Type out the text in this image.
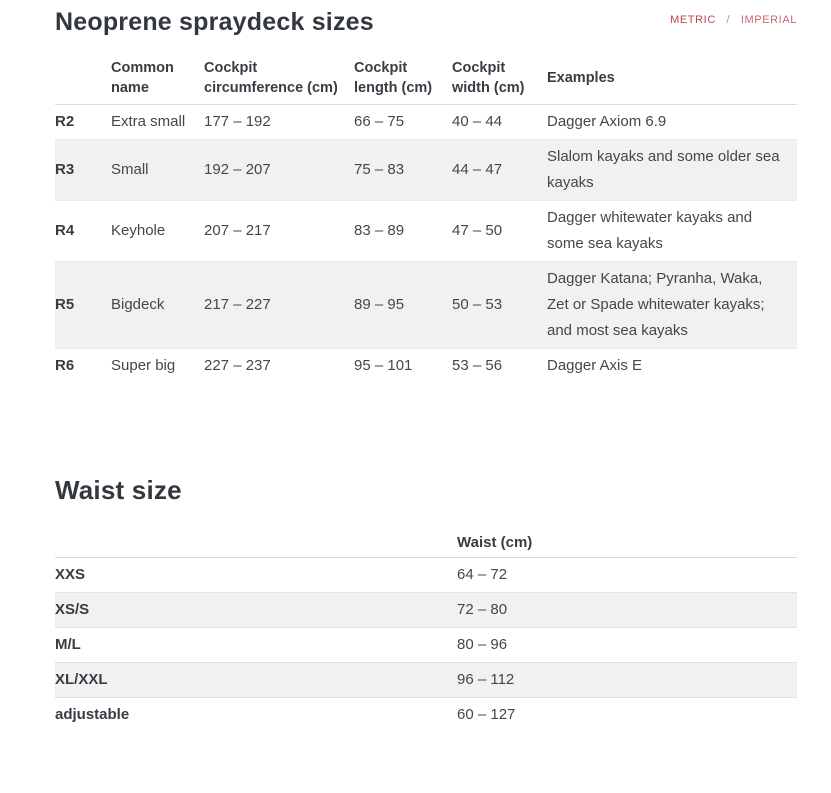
Neoprene spraydeck sizes	METRIC / IMPERIAL
	Common name	Cockpit circumference (cm)	Cockpit length (cm)	Cockpit width (cm)	Examples
R2	Extra small	177 – 192	66 – 75	40 – 44	Dagger Axiom 6.9
R3	Small	192 – 207	75 – 83	44 – 47	Slalom kayaks and some older sea kayaks
R4	Keyhole	207 – 217	83 – 89	47 – 50	Dagger whitewater kayaks and some sea kayaks
R5	Bigdeck	217 – 227	89 – 95	50 – 53	Dagger Katana; Pyranha, Waka, Zet or Spade whitewater kayaks; and most sea kayaks
R6	Super big	227 – 237	95 – 101	53 – 56	Dagger Axis E
Waist size
	Waist (cm)
XXS	64 – 72
XS/S	72 – 80
M/L	80 – 96
XL/XXL	96 – 112
adjustable	60 – 127
